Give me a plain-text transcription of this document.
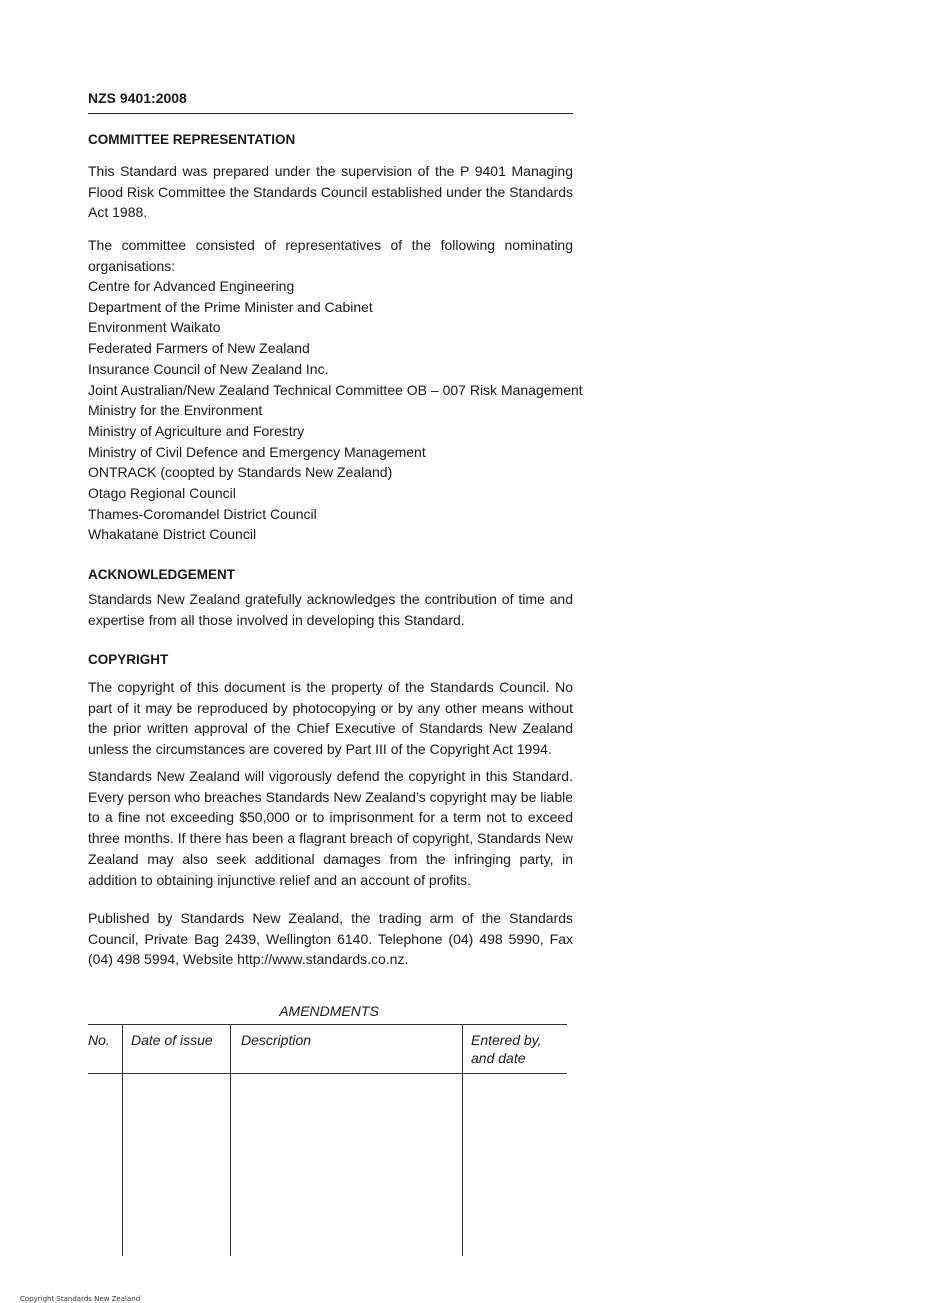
NZS 9401:2008
COMMITTEE REPRESENTATION
This Standard was prepared under the supervision of the P 9401 Managing Flood Risk Committee the Standards Council established under the Standards Act 1988.
The committee consisted of representatives of the following nominating organisations:
Centre for Advanced Engineering
Department of the Prime Minister and Cabinet
Environment Waikato
Federated Farmers of New Zealand
Insurance Council of New Zealand Inc.
Joint Australian/New Zealand Technical Committee OB – 007 Risk Management
Ministry for the Environment
Ministry of Agriculture and Forestry
Ministry of Civil Defence and Emergency Management
ONTRACK (coopted by Standards New Zealand)
Otago Regional Council
Thames-Coromandel District Council
Whakatane District Council
ACKNOWLEDGEMENT
Standards New Zealand gratefully acknowledges the contribution of time and expertise from all those involved in developing this Standard.
COPYRIGHT
The copyright of this document is the property of the Standards Council. No part of it may be reproduced by photocopying or by any other means without the prior written approval of the Chief Executive of Standards New Zealand unless the circumstances are covered by Part III of the Copyright Act 1994.
Standards New Zealand will vigorously defend the copyright in this Standard. Every person who breaches Standards New Zealand’s copyright may be liable to a fine not exceeding $50,000 or to imprisonment for a term not to exceed three months. If there has been a flagrant breach of copyright, Standards New Zealand may also seek additional damages from the infringing party, in addition to obtaining injunctive relief and an account of profits.
Published by Standards New Zealand, the trading arm of the Standards Council, Private Bag 2439, Wellington 6140. Telephone (04) 498 5990, Fax (04) 498 5994, Website http://www.standards.co.nz.
AMENDMENTS
No. Date of issue Description	Entered by, and date
Copyright Standards New Zealand
